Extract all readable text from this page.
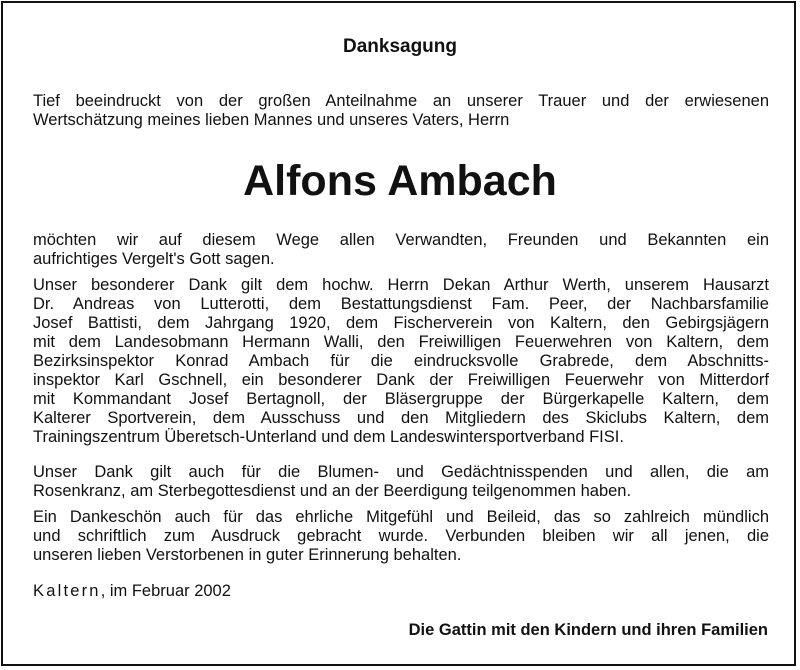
Danksagung
Tief beeindruckt von der großen Anteilnahme an unserer Trauer und der erwiesenen
Wertschätzung meines lieben Mannes und unseres Vaters, Herrn
Alfons Ambach
möchten wir auf diesem Wege allen Verwandten, Freunden und Bekannten ein
aufrichtiges Vergelt's Gott sagen.
Unser besonderer Dank gilt dem hochw. Herrn Dekan Arthur Werth, unserem Hausarzt
Dr. Andreas von Lutterotti, dem Bestattungsdienst Fam. Peer, der Nachbarsfamilie
Josef Battisti, dem Jahrgang 1920, dem Fischerverein von Kaltern, den Gebirgsjägern
mit dem Landesobmann Hermann Walli, den Freiwilligen Feuerwehren von Kaltern, dem
Bezirksinspektor Konrad Ambach für die eindrucksvolle Grabrede, dem Abschnitts-
inspektor Karl Gschnell, ein besonderer Dank der Freiwilligen Feuerwehr von Mitterdorf
mit Kommandant Josef Bertagnoll, der Bläsergruppe der Bürgerkapelle Kaltern, dem
Kalterer Sportverein, dem Ausschuss und den Mitgliedern des Skiclubs Kaltern, dem
Trainingszentrum Überetsch-Unterland und dem Landeswintersportverband FISI.
Unser Dank gilt auch für die Blumen- und Gedächtnisspenden und allen, die am
Rosenkranz, am Sterbegottesdienst und an der Beerdigung teilgenommen haben.
Ein Dankeschön auch für das ehrliche Mitgefühl und Beileid, das so zahlreich mündlich
und schriftlich zum Ausdruck gebracht wurde. Verbunden bleiben wir all jenen, die
unseren lieben Verstorbenen in guter Erinnerung behalten.
Kaltern, im Februar 2002
Die Gattin mit den Kindern und ihren Familien
